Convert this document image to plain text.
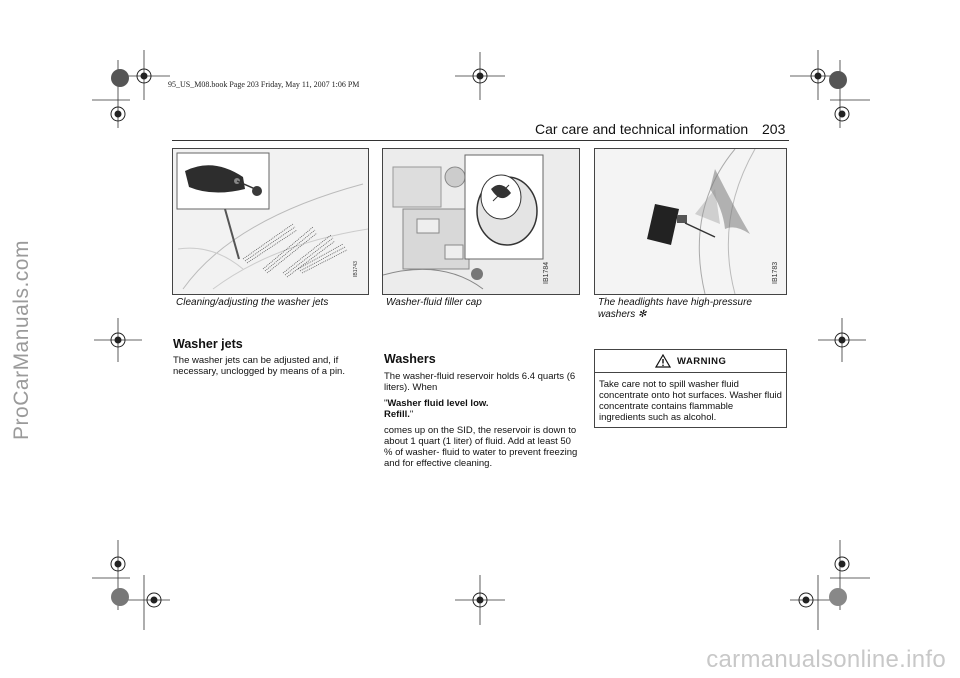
95_US_M08.book Page 203 Friday, May 11, 2007 1:06 PM
ProCarManuals.com
Car care and technical information 203
IB1743
Cleaning/adjusting the washer jets
IB1784
Washer-fluid filler cap
IB1783
The headlights have high-pressure washers ✻
Washer jets
The washer jets can be adjusted and, if necessary, unclogged by means of a pin.
Washers

The washer-fluid reservoir holds 6.4 quarts (6 liters). When

"Washer fluid level low.
Refill."

comes up on the SID, the reservoir is down to about 1 quart (1 liter) of fluid. Add at least 50 % of washer- fluid to water to prevent freezing and for effective cleaning.

WARNING
Take care not to spill washer fluid concentrate onto hot surfaces. Washer fluid concentrate contains flammable ingredients such as alcohol.
carmanualsonline.info
